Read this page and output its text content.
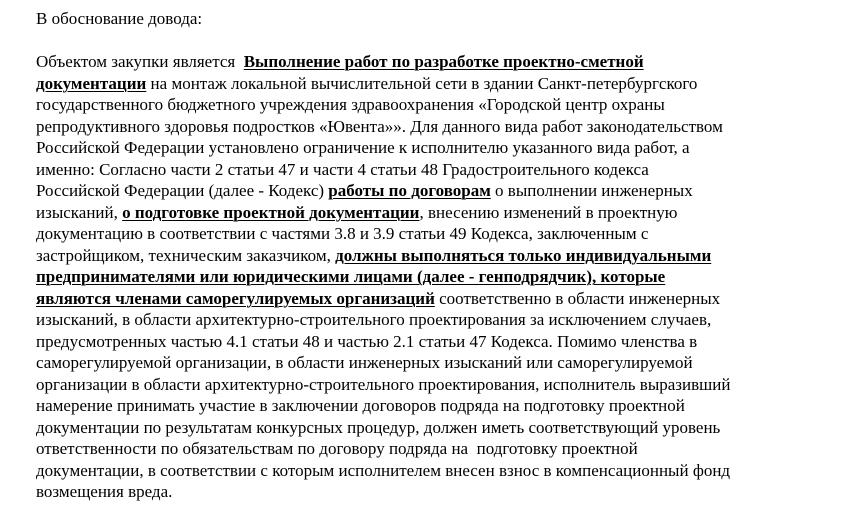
В обоснование довода:

Объектом закупки является  Выполнение работ по разработке проектно-сметной
документации на монтаж локальной вычислительной сети в здании Санкт-петербургского
государственного бюджетного учреждения здравоохранения «Городской центр охраны
репродуктивного здоровья подростков «Ювента»». Для данного вида работ законодательством
Российской Федерации установлено ограничение к исполнителю указанного вида работ, а
именно: Согласно части 2 статьи 47 и части 4 статьи 48 Градостроительного кодекса
Российской Федерации (далее - Кодекс) работы по договорам о выполнении инженерных
изысканий, о подготовке проектной документации, внесению изменений в проектную
документацию в соответствии с частями 3.8 и 3.9 статьи 49 Кодекса, заключенным с
застройщиком, техническим заказчиком, должны выполняться только индивидуальными
предпринимателями или юридическими лицами (далее - генподрядчик), которые
являются членами саморегулируемых организаций соответственно в области инженерных
изысканий, в области архитектурно-строительного проектирования за исключением случаев,
предусмотренных частью 4.1 статьи 48 и частью 2.1 статьи 47 Кодекса. Помимо членства в
саморегулируемой организации, в области инженерных изысканий или саморегулируемой
организации в области архитектурно-строительного проектирования, исполнитель выразивший
намерение принимать участие в заключении договоров подряда на подготовку проектной
документации по результатам конкурсных процедур, должен иметь соответствующий уровень
ответственности по обязательствам по договору подряда на  подготовку проектной
документации, в соответствии с которым исполнителем внесен взнос в компенсационный фонд
возмещения вреда.
